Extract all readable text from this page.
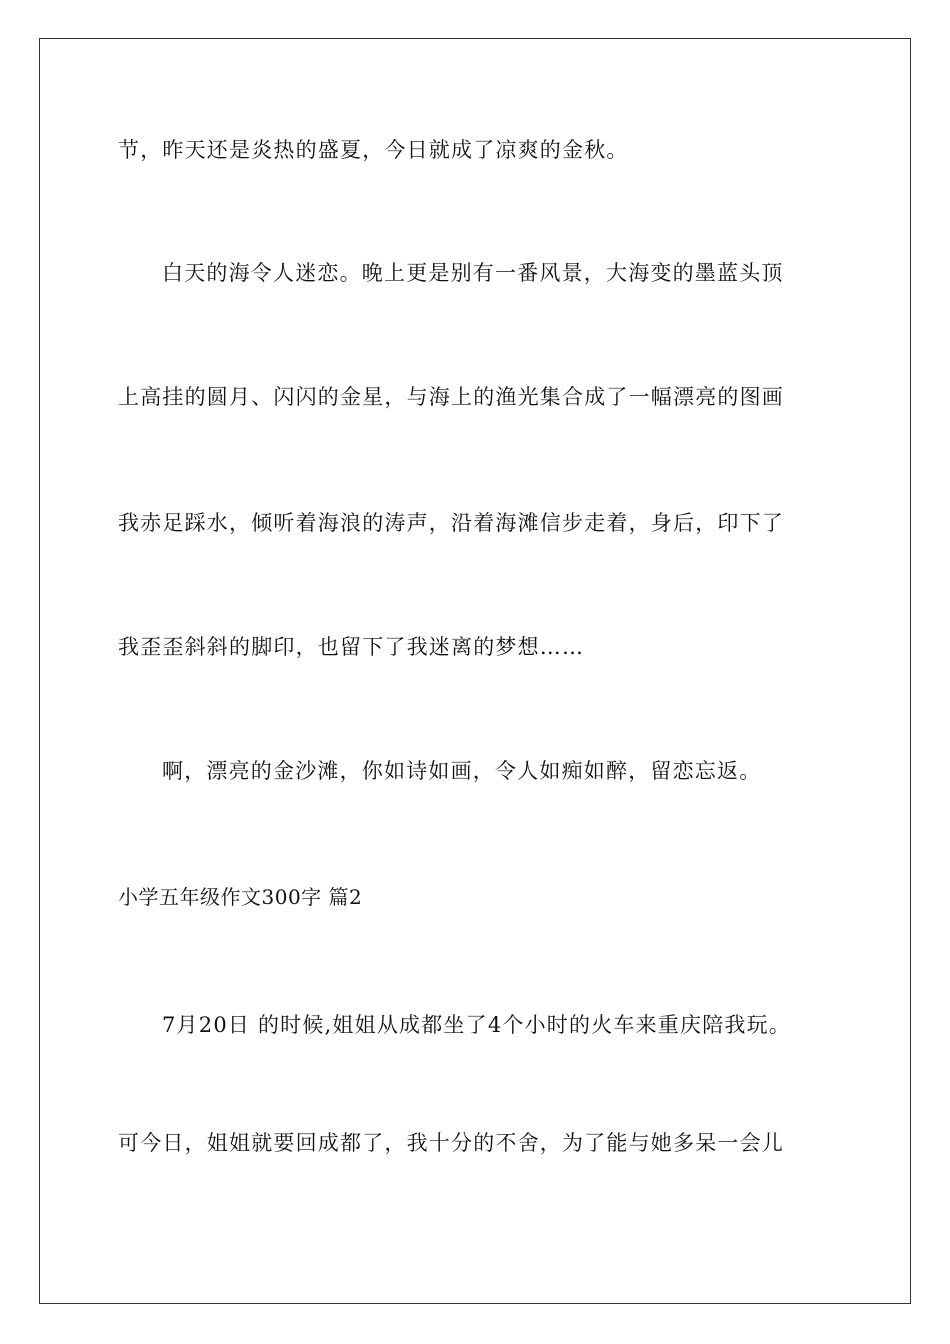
节，昨天还是炎热的盛夏，今日就成了凉爽的金秋。
白天的海令人迷恋。晚上更是别有一番风景，大海变的墨蓝头顶
上高挂的圆月、闪闪的金星，与海上的渔光集合成了一幅漂亮的图画
我赤足踩水，倾听着海浪的涛声，沿着海滩信步走着，身后，印下了
我歪歪斜斜的脚印，也留下了我迷离的梦想……
啊，漂亮的金沙滩，你如诗如画，令人如痴如醉，留恋忘返。
小学五年级作文300字 篇2
7月20日 的时候,姐姐从成都坐了4个小时的火车来重庆陪我玩。
可今日，姐姐就要回成都了，我十分的不舍，为了能与她多呆一会儿
